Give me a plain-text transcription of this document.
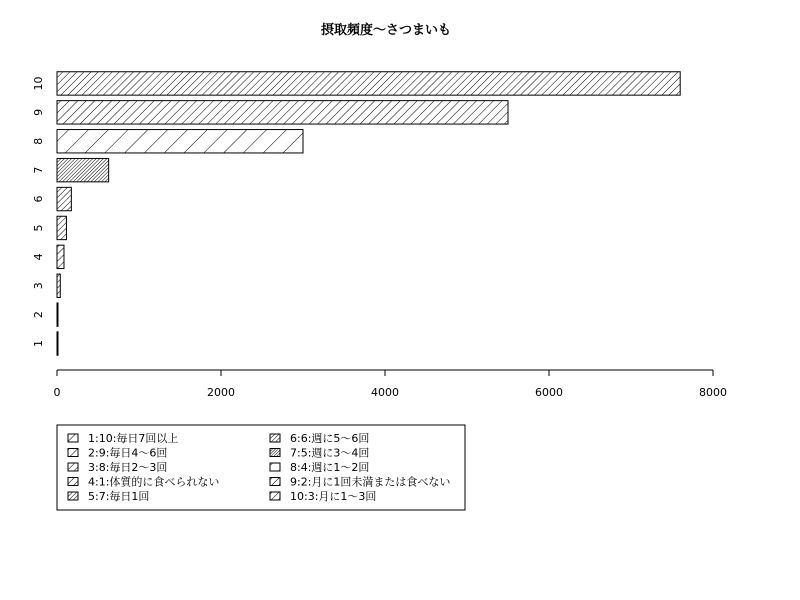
摂取頻度～さつまいも
1
2
3
4
5
6
7
8
9
10
0	2000	4000	6000	8000
1:10:毎日7回以上
2:9:毎日4～6回
3:8:毎日2～3回
4:1:体質的に食べられない
5:7:毎日1回
6:6:週に5～6回
7:5:週に3～4回
8:4:週に1～2回
9:2:月に1回未満または食べない
10:3:月に1～3回
